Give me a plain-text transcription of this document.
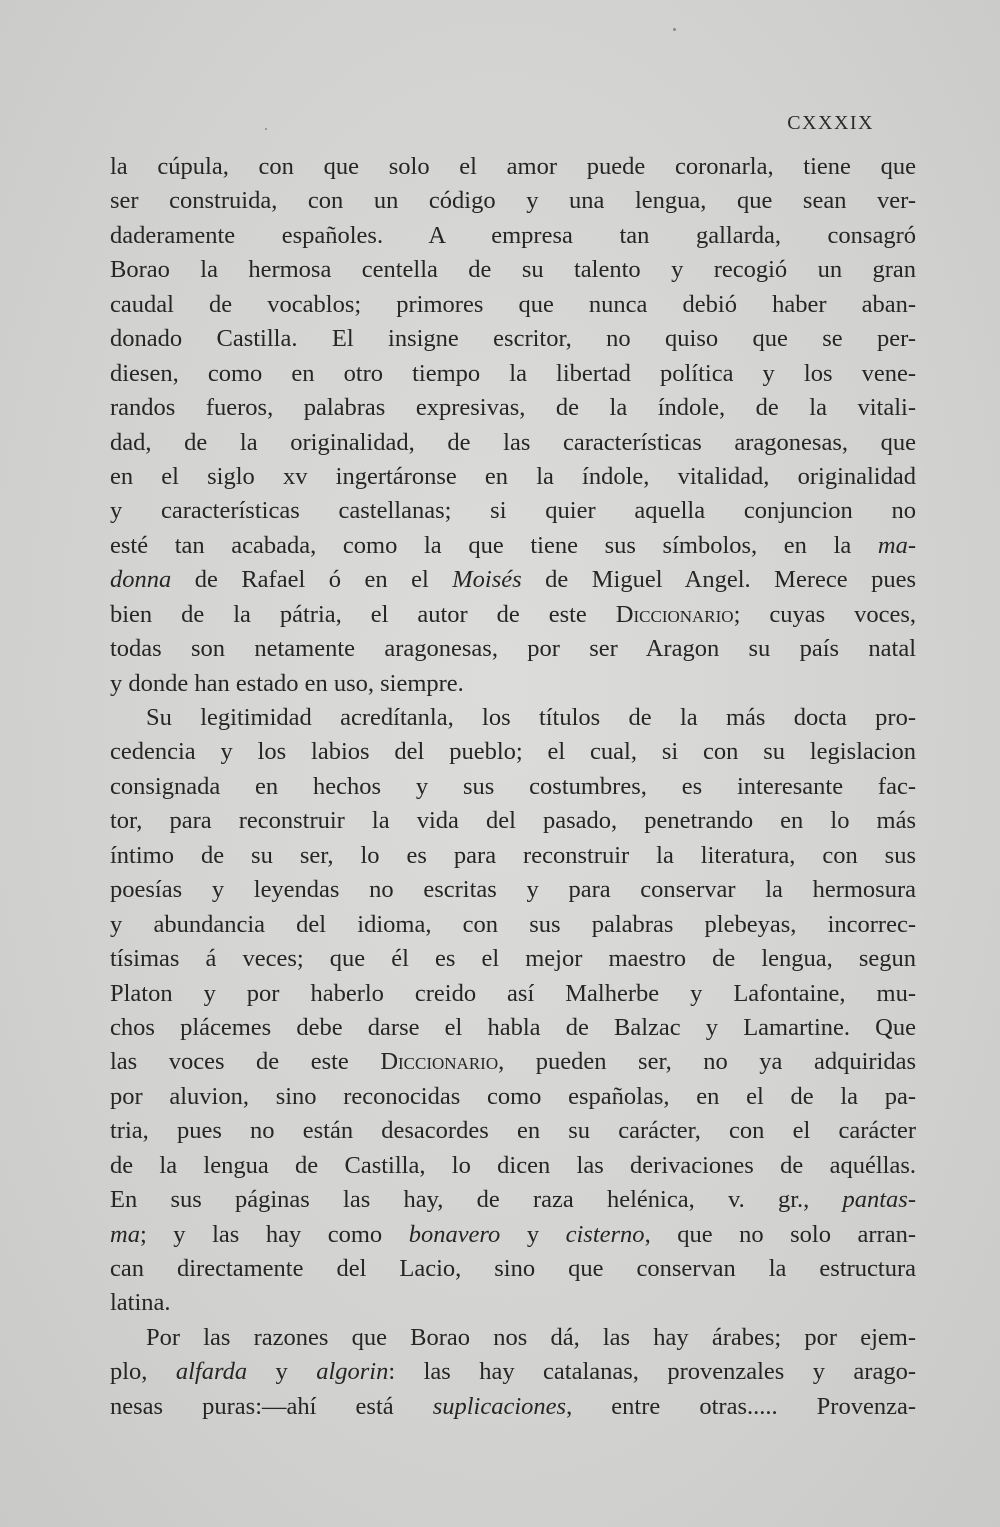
CXXXIX
la cúpula, con que solo el amor puede coronarla, tiene que
ser construida, con un código y una lengua, que sean ver-
daderamente españoles. A empresa tan gallarda, consagró
Borao la hermosa centella de su talento y recogió un gran
caudal de vocablos; primores que nunca debió haber aban-
donado Castilla. El insigne escritor, no quiso que se per-
diesen, como en otro tiempo la libertad política y los vene-
randos fueros, palabras expresivas, de la índole, de la vitali-
dad, de la originalidad, de las características aragonesas, que
en el siglo xv ingertáronse en la índole, vitalidad, originalidad
y características castellanas; si quier aquella conjuncion no
esté tan acabada, como la que tiene sus símbolos, en la ma-
donna de Rafael ó en el Moisés de Miguel Angel. Merece pues
bien de la pátria, el autor de este Diccionario; cuyas voces,
todas son netamente aragonesas, por ser Aragon su país natal
y donde han estado en uso, siempre.
Su legitimidad acredítanla, los títulos de la más docta pro-
cedencia y los labios del pueblo; el cual, si con su legislacion
consignada en hechos y sus costumbres, es interesante fac-
tor, para reconstruir la vida del pasado, penetrando en lo más
íntimo de su ser, lo es para reconstruir la literatura, con sus
poesías y leyendas no escritas y para conservar la hermosura
y abundancia del idioma, con sus palabras plebeyas, incorrec-
tísimas á veces; que él es el mejor maestro de lengua, segun
Platon y por haberlo creido así Malherbe y Lafontaine, mu-
chos plácemes debe darse el habla de Balzac y Lamartine. Que
las voces de este Diccionario, pueden ser, no ya adquiridas
por aluvion, sino reconocidas como españolas, en el de la pa-
tria, pues no están desacordes en su carácter, con el carácter
de la lengua de Castilla, lo dicen las derivaciones de aquéllas.
En sus páginas las hay, de raza helénica, v. gr., pantas-
ma; y las hay como bonavero y cisterno, que no solo arran-
can directamente del Lacio, sino que conservan la estructura
latina.
Por las razones que Borao nos dá, las hay árabes; por ejem-
plo, alfarda y algorin: las hay catalanas, provenzales y arago-
nesas puras:—ahí está suplicaciones, entre otras..... Provenza-
